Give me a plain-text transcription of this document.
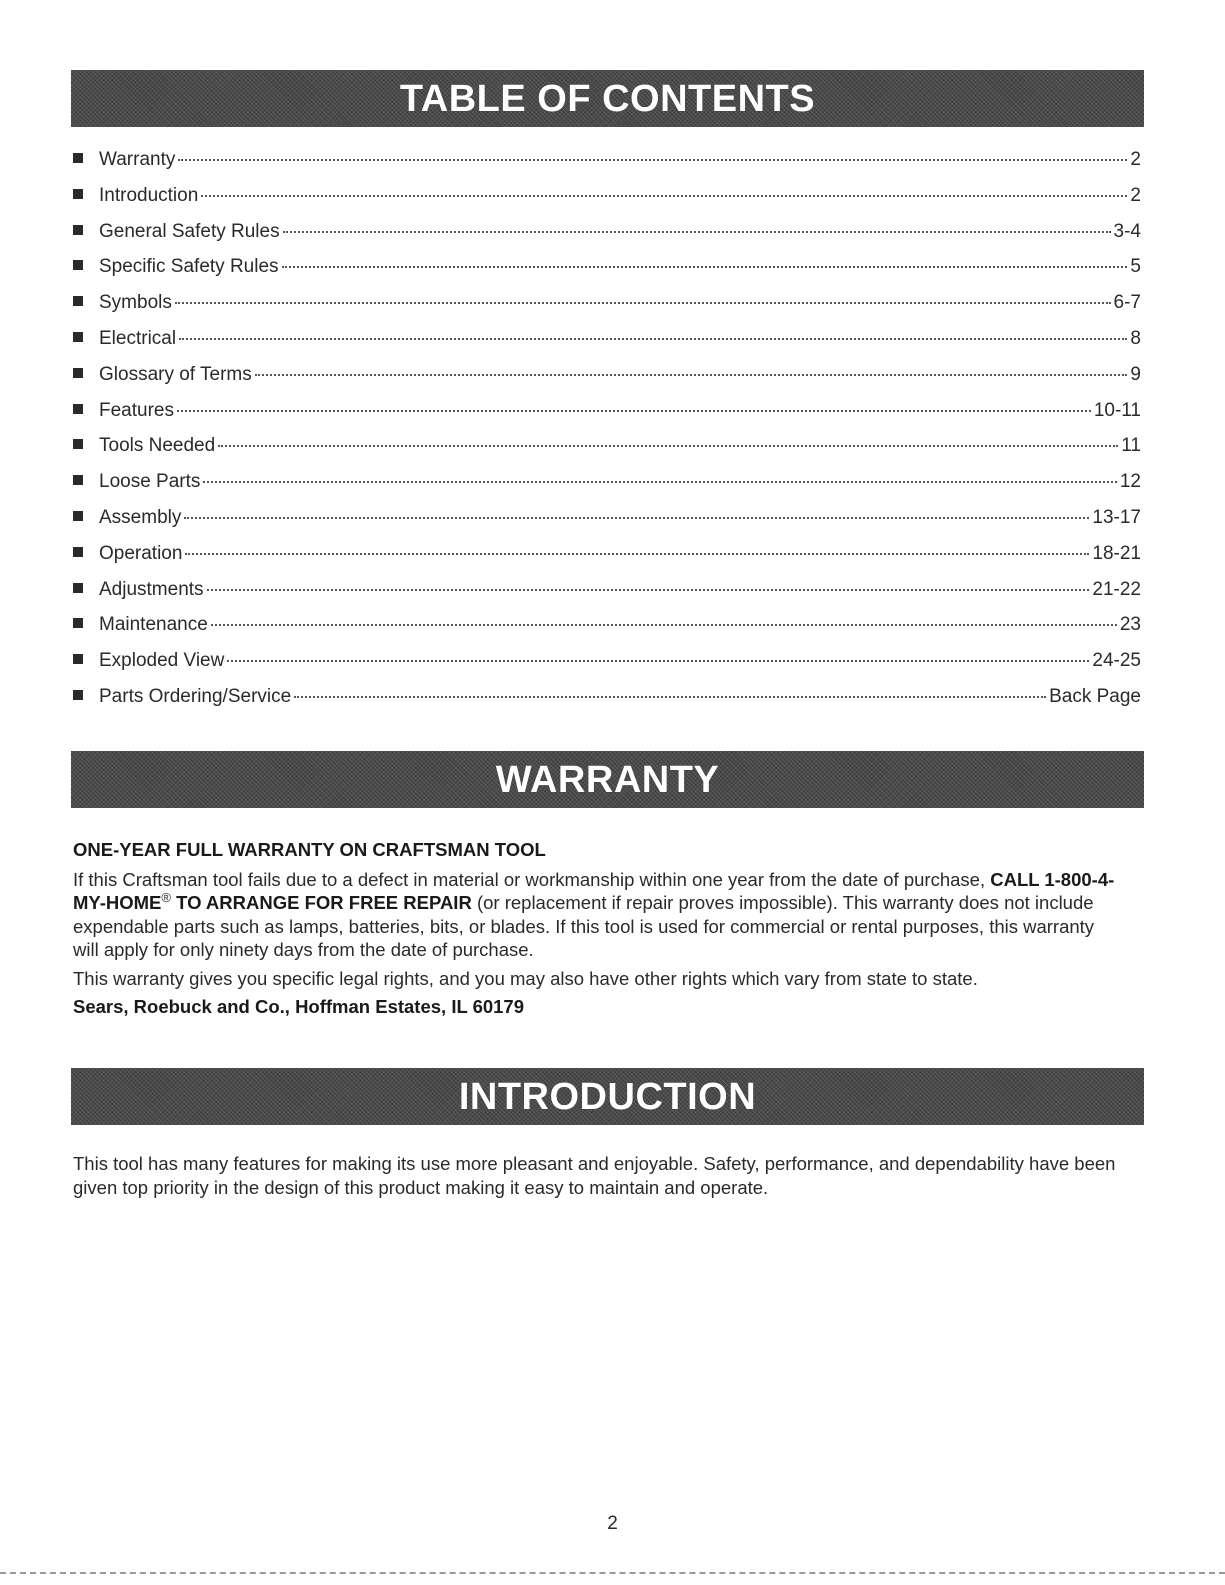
TABLE OF CONTENTS
Warranty	2
Introduction	2
General Safety Rules	3-4
Specific Safety Rules	5
Symbols	6-7
Electrical	8
Glossary of Terms	9
Features	10-11
Tools Needed	11
Loose Parts	12
Assembly	13-17
Operation	18-21
Adjustments	21-22
Maintenance	23
Exploded View	24-25
Parts Ordering/Service	Back Page
WARRANTY
ONE-YEAR FULL WARRANTY ON CRAFTSMAN TOOL

If this Craftsman tool fails due to a defect in material or workmanship within one year from the date of purchase, CALL 1-800-4-MY-HOME® TO ARRANGE FOR FREE REPAIR (or replacement if repair proves impossible). This warranty does not include expendable parts such as lamps, batteries, bits, or blades. If this tool is used for commercial or rental purposes, this warranty will apply for only ninety days from the date of purchase.

This warranty gives you specific legal rights, and you may also have other rights which vary from state to state.

Sears, Roebuck and Co., Hoffman Estates, IL 60179
INTRODUCTION

This tool has many features for making its use more pleasant and enjoyable. Safety, performance, and dependability have been given top priority in the design of this product making it easy to maintain and operate.

2
